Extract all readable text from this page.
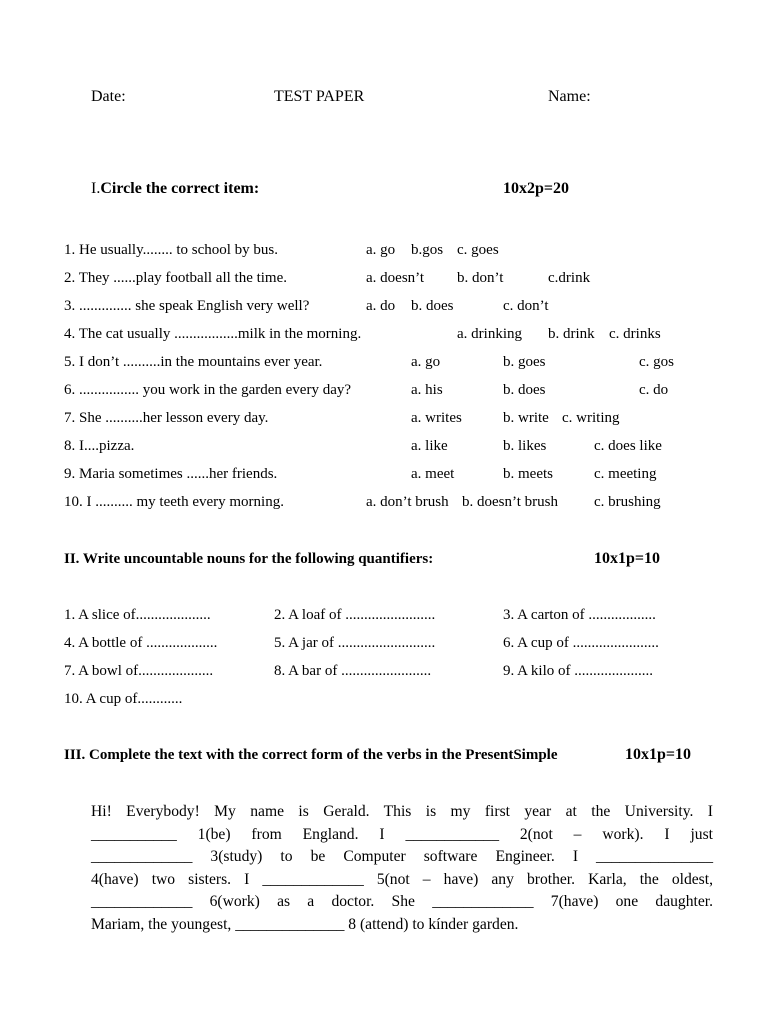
Date:	TEST PAPER	Name:
I.Circle the correct item:	10x2p=20
1. He usually........ to school by bus.	a. go b.gos c. goes
2. They ......play football all the time.	a. doesn’t b. don’t	c.drink
3. .............. she speak English very well?	a. do b. does	c. don’t
4. The cat usually .................milk in the morning.	a. drinking b. drink c. drinks
5. I don’t ..........in the mountains ever year.	a. go	b. goes	c. gos
6. ................ you work in the garden every day?	a. his	b. does	c. do
7. She ..........her lesson every day.	a. writes	b. write c. writing
8. I....pizza.	a. like	b. likes	c. does like
9. Maria sometimes ......her friends.	a. meet	b. meets	c. meeting
10. I .......... my teeth every morning.	a. don’t brush b. doesn’t brush c. brushing
II. Write uncountable nouns for the following quantifiers:	10x1p=10
1. A slice of....................	2. A loaf of ........................	3. A carton of ..................
4. A bottle of ...................	5. A jar of ..........................	6. A cup of .......................
7. A bowl of....................	8. A bar of ........................	9. A kilo of .....................
10. A cup of............
III. Complete the text with the correct form of the verbs in the PresentSimple	10x1p=10
Hi! Everybody! My name is Gerald. This is my first year at the University. I
___________ 1(be) from England. I ____________ 2(not – work). I just
_____________ 3(study) to be Computer software Engineer. I _______________
4(have) two sisters. I _____________ 5(not – have) any brother. Karla, the oldest,
_____________ 6(work) as a doctor. She _____________ 7(have) one daughter.
Mariam, the youngest, ______________ 8 (attend) to kínder garden.
